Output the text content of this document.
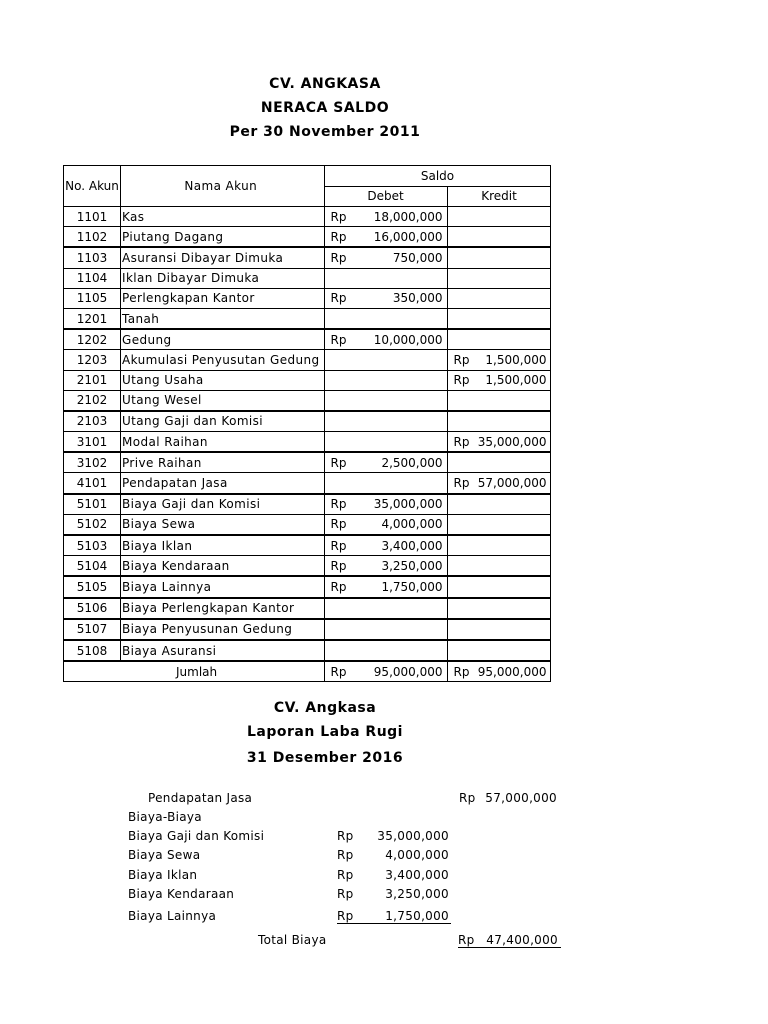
CV. ANGKASA
NERACA SALDO
Per 30 November 2011
No. Akun	Nama Akun	Saldo			
		Debet		Kredit	
1101	Kas	Rp	18,000,000		
1102	Piutang Dagang	Rp	16,000,000		
1103	Asuransi Dibayar Dimuka	Rp	750,000		
1104	Iklan Dibayar Dimuka				
1105	Perlengkapan Kantor	Rp	350,000		
1201	Tanah				
1202	Gedung	Rp	10,000,000		
1203	Akumulasi Penyusutan Gedung			Rp	1,500,000
2101	Utang Usaha			Rp	1,500,000
2102	Utang Wesel				
2103	Utang Gaji dan Komisi				
3101	Modal Raihan			Rp	35,000,000
3102	Prive Raihan	Rp	2,500,000		
4101	Pendapatan Jasa			Rp	57,000,000
5101	Biaya Gaji dan Komisi	Rp	35,000,000		
5102	Biaya Sewa	Rp	4,000,000		
5103	Biaya Iklan	Rp	3,400,000		
5104	Biaya Kendaraan	Rp	3,250,000		
5105	Biaya Lainnya	Rp	1,750,000		
5106	Biaya Perlengkapan Kantor				
5107	Biaya Penyusunan Gedung				
5108	Biaya Asuransi				
Jumlah		Rp	95,000,000	Rp	95,000,000
CV. Angkasa
Laporan Laba Rugi
31 Desember 2016
Pendapatan Jasa	Rp 57,000,000
Biaya-Biaya
Biaya Gaji dan Komisi	Rp	35,000,000
Biaya Sewa	Rp	4,000,000
Biaya Iklan	Rp	3,400,000
Biaya Kendaraan	Rp	3,250,000
Biaya Lainnya	Rp	1,750,000
Total Biaya	Rp 47,400,000
